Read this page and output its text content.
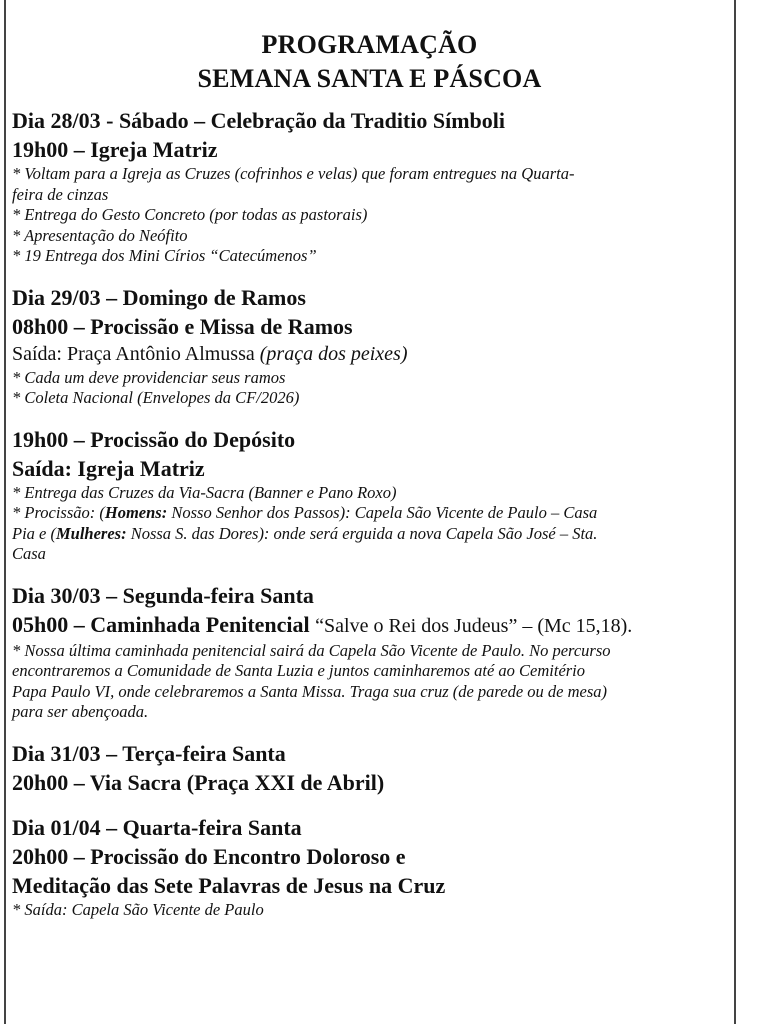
PROGRAMAÇÃO
SEMANA SANTA E PÁSCOA
Dia 28/03 - Sábado – Celebração da Traditio Símboli
19h00 – Igreja Matriz
* Voltam para a Igreja as Cruzes (cofrinhos e velas) que foram entregues na Quarta-
feira de cinzas
* Entrega do Gesto Concreto (por todas as pastorais)
* Apresentação do Neófito
* 19 Entrega dos Mini Círios “Catecúmenos”
Dia 29/03 – Domingo de Ramos
08h00 – Procissão e Missa de Ramos
Saída: Praça Antônio Almussa (praça dos peixes)
* Cada um deve providenciar seus ramos
* Coleta Nacional (Envelopes da CF/2026)
19h00 – Procissão do Depósito
Saída: Igreja Matriz
* Entrega das Cruzes da Via-Sacra (Banner e Pano Roxo)
* Procissão: (Homens: Nosso Senhor dos Passos): Capela São Vicente de Paulo – Casa
Pia e (Mulheres: Nossa S. das Dores): onde será erguida a nova Capela São José – Sta.
Casa
Dia 30/03 – Segunda-feira Santa
05h00 – Caminhada Penitencial “Salve o Rei dos Judeus” – (Mc 15,18).
* Nossa última caminhada penitencial sairá da Capela São Vicente de Paulo. No percurso
encontraremos a Comunidade de Santa Luzia e juntos caminharemos até ao Cemitério
Papa Paulo VI, onde celebraremos a Santa Missa. Traga sua cruz (de parede ou de mesa)
para ser abençoada.
Dia 31/03 – Terça-feira Santa
20h00 – Via Sacra (Praça XXI de Abril)
Dia 01/04 – Quarta-feira Santa
20h00 – Procissão do Encontro Doloroso e
Meditação das Sete Palavras de Jesus na Cruz
* Saída: Capela São Vicente de Paulo
